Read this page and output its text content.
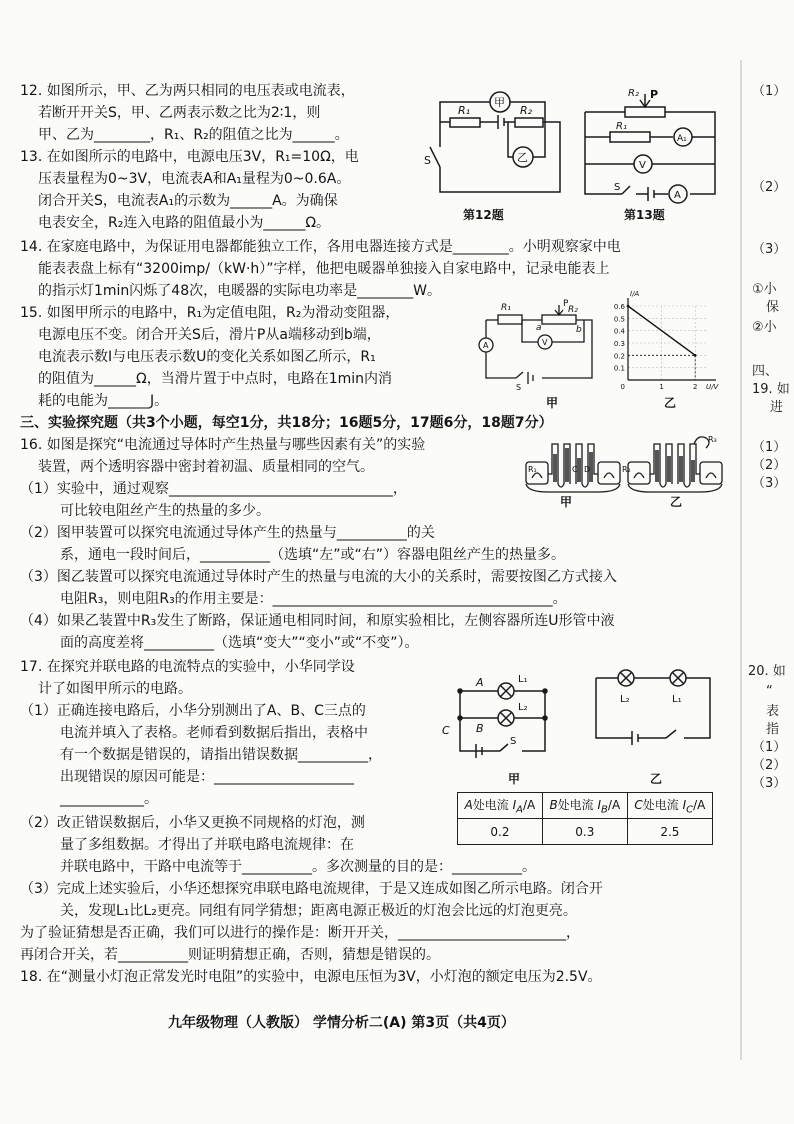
12. 如图所示，甲、乙为两只相同的电压表或电流表，
若断开开关S，甲、乙两表示数之比为2∶1，则
甲、乙为________，R₁、R₂的阻值之比为______。
13. 在如图所示的电路中，电源电压3V，R₁=10Ω，电
压表量程为0~3V，电流表A和A₁量程为0~0.6A。
闭合开关S，电流表A₁的示数为______A。为确保
电表安全，R₂连入电路的阻值最小为______Ω。
14. 在家庭电路中，为保证用电器都能独立工作，各用电器连接方式是________。小明观察家中电
能表表盘上标有“3200imp/（kW·h）”字样，他把电暖器单独接入自家电路中，记录电能表上
的指示灯1min闪烁了48次，电暖器的实际电功率是________W。
15. 如图甲所示的电路中，R₁为定值电阻，R₂为滑动变阻器，
电源电压不变。闭合开关S后，滑片P从a端移动到b端，
电流表示数I与电压表示数U的变化关系如图乙所示，R₁
的阻值为______Ω，当滑片置于中点时，电路在1min内消
耗的电能为______J。
三、实验探究题（共3个小题，每空1分，共18分；16题5分，17题6分，18题7分）
16. 如图是探究“电流通过导体时产生热量与哪些因素有关”的实验
装置，两个透明容器中密封着初温、质量相同的空气。
（1）实验中，通过观察________________________________，
可比较电阻丝产生的热量的多少。
（2）图甲装置可以探究电流通过导体产生的热量与__________的关
系，通电一段时间后，__________（选填“左”或“右”）容器电阻丝产生的热量多。
（3）图乙装置可以探究电流通过导体时产生的热量与电流的大小的关系时，需要按图乙方式接入
电阻R₃，则电阻R₃的作用主要是：________________________________________。
（4）如果乙装置中R₃发生了断路，保证通电相同时间，和原实验相比，左侧容器所连U形管中液
面的高度差将__________（选填“变大”“变小”或“不变”）。
17. 在探究并联电路的电流特点的实验中，小华同学设
计了如图甲所示的电路。
（1）正确连接电路后，小华分别测出了A、B、C三点的
电流并填入了表格。老师看到数据后指出，表格中
有一个数据是错误的，请指出错误数据__________，
出现错误的原因可能是：____________________
____________。
（2）改正错误数据后，小华又更换不同规格的灯泡，测
量了多组数据。才得出了并联电路电流规律：在
并联电路中，干路中电流等于__________。多次测量的目的是：__________。
（3）完成上述实验后，小华还想探究串联电路电流规律，于是又连成如图乙所示电路。闭合开
关，发现L₁比L₂更亮。同组有同学猜想；距离电源正极近的灯泡会比远的灯泡更亮。
为了验证猜想是否正确，我们可以进行的操作是：断开开关，________________________，
再闭合开关，若__________则证明猜想正确，否则，猜想是错误的。
18. 在“测量小灯泡正常发光时电阻”的实验中，电源电压恒为3V，小灯泡的额定电压为2.5V。
（1）
（2）
（3）
①小
保
②小
四、
19. 如
进
（1）
（2）
（3）
20. 如
“
表
指
（1）
（2）
（3）
第12题	第13题
甲	乙
甲	乙
甲	乙
甲
乙
R₁	R₂
S
R₂ P
R₁
A₁
V
S
A
R₁	R₂
P
a	b
A	V
S
0.1
0.2
0.3
0.4
0.5
0.6
1	2
0
I/A
U/V
R₁	R₂
R₃
C D
A
B
C
L₁
L₂
S
L₂	L₁
A处电流 $I_A/A$	B处电流 $I_B/A$	C处电流 $I_C/A$
0.2	0.3	2.5
九年级物理（人教版） 学情分析二(A) 第3页（共4页）
